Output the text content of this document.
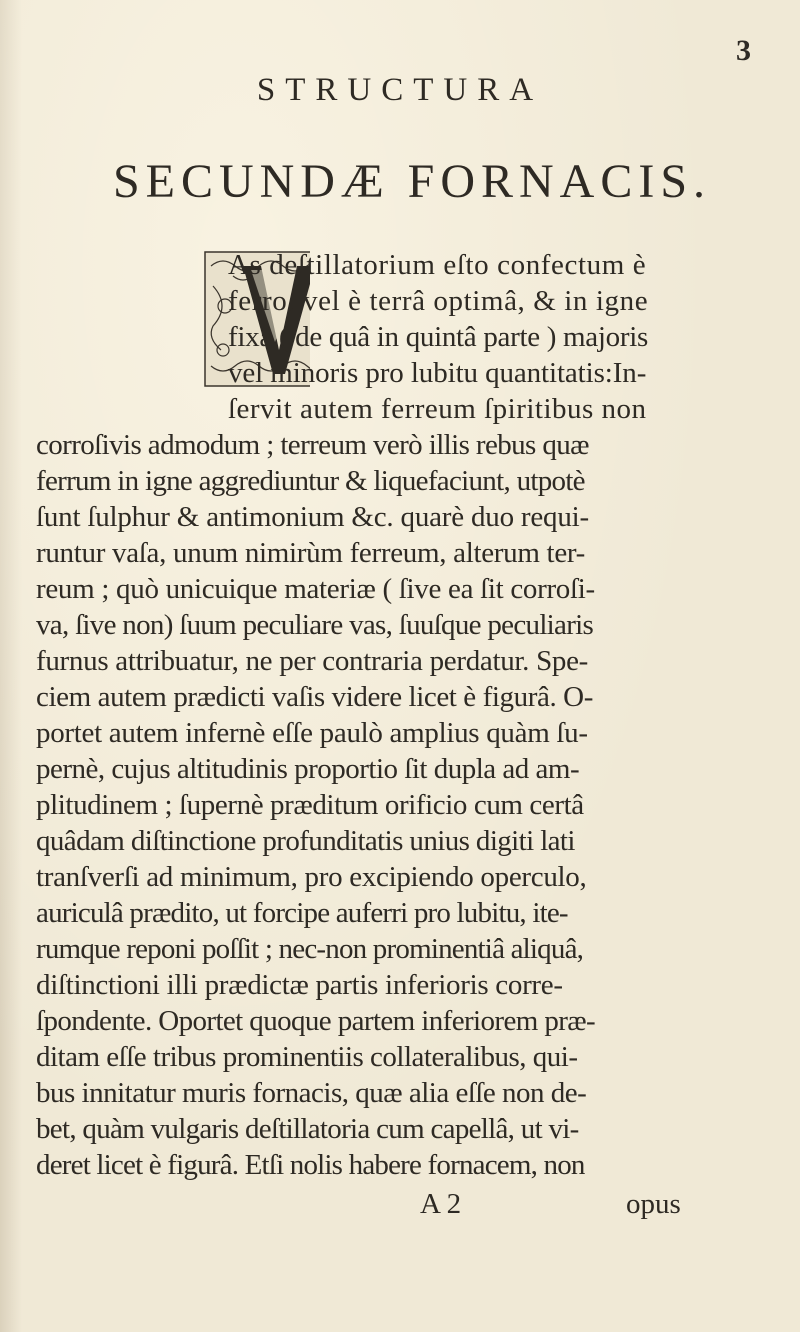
3
STRUCTURA
SECUNDÆ FORNACIS.
As deſtillatorium eſto confectum è
ferro, vel è terrâ optimâ, & in igne
fixâ ( de quâ in quintâ parte ) majoris
vel minoris pro lubitu quantitatis:In-
ſervit autem ferreum ſpiritibus non
corroſivis admodum ; terreum verò illis rebus quæ
ferrum in igne aggrediuntur & liquefaciunt, utpotè
ſunt ſulphur & antimonium &c. quarè duo requi-
runtur vaſa, unum nimirùm ferreum, alterum ter-
reum ; quò unicuique materiæ ( ſive ea ſit corroſi-
va, ſive non) ſuum peculiare vas, ſuuſque peculiaris
furnus attribuatur, ne per contraria perdatur. Spe-
ciem autem prædicti vaſis videre licet è figurâ. O-
portet autem infernè eſſe paulò amplius quàm ſu-
pernè, cujus altitudinis proportio ſit dupla ad am-
plitudinem ; ſupernè præditum orificio cum certâ
quâdam diſtinctione profunditatis unius digiti lati
tranſverſi ad minimum, pro excipiendo operculo,
auriculâ prædito, ut forcipe auferri pro lubitu, ite-
rumque reponi poſſit ; nec-non prominentiâ aliquâ,
diſtinctioni illi prædictæ partis inferioris corre-
ſpondente. Oportet quoque partem inferiorem præ-
ditam eſſe tribus prominentiis collateralibus, qui-
bus innitatur muris fornacis, quæ alia eſſe non de-
bet, quàm vulgaris deſtillatoria cum capellâ, ut vi-
deret licet è figurâ. Etſi nolis habere fornacem, non
A 2	opus
